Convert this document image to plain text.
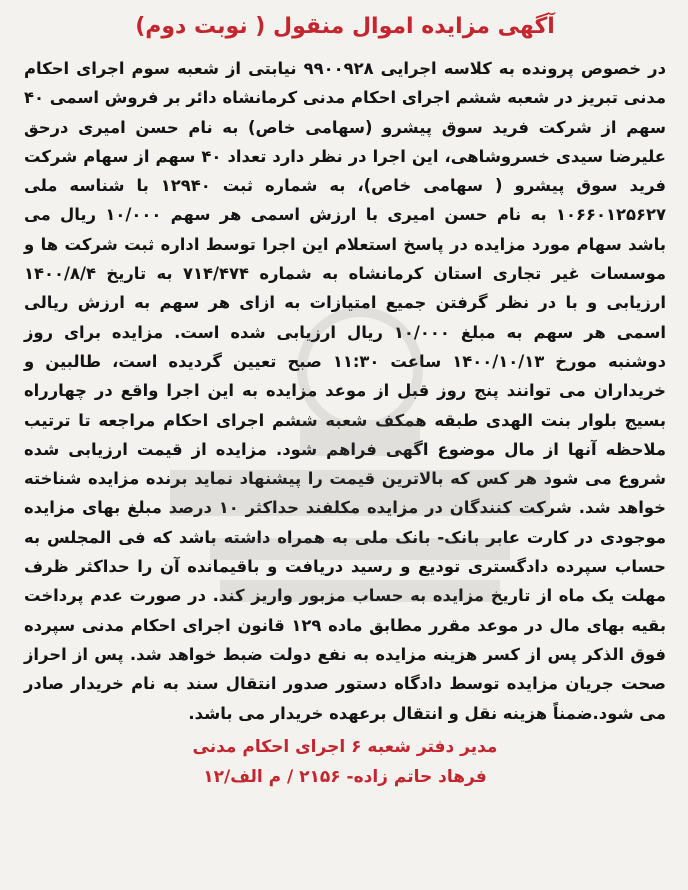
آگهی مزایده اموال منقول ( نوبت دوم)

در خصوص پرونده به کلاسه اجرایی ۹۹۰۰۹۲۸ نیابتی از شعبه سوم اجرای احکام مدنی تبریز در شعبه ششم اجرای احکام مدنی کرمانشاه دائر بر فروش اسمی ۴۰ سهم از شرکت فرید سوق پیشرو (سهامی خاص) به نام حسن امیری درحق علیرضا سیدی خسروشاهی، این اجرا در نظر دارد تعداد ۴۰ سهم از سهام شرکت فرید سوق پیشرو ( سهامی خاص)، به شماره ثبت ۱۲۹۴۰ با شناسه ملی ۱۰۶۶۰۱۲۵۶۲۷ به نام حسن امیری با ارزش اسمی هر سهم ۱۰/۰۰۰ ریال می باشد سهام مورد مزایده در پاسخ استعلام این اجرا توسط اداره ثبت شرکت ها و موسسات غیر تجاری استان کرمانشاه به شماره ۷۱۴/۴۷۴ به تاریخ ۱۴۰۰/۸/۴ ارزیابی و با در نظر گرفتن جمیع امتیازات به ازای هر سهم به ارزش ریالی اسمی هر سهم به مبلغ ۱۰/۰۰۰ ریال ارزیابی شده است. مزایده برای روز دوشنبه مورخ ۱۴۰۰/۱۰/۱۳ ساعت ۱۱:۳۰ صبح تعیین گردیده است، طالبین و خریداران می توانند پنج روز قبل از موعد مزایده به این اجرا واقع در چهارراه بسیج بلوار بنت الهدی طبقه همکف شعبه ششم اجرای احکام مراجعه تا ترتیب ملاحظه آنها از مال موضوع اگهی فراهم شود. مزایده از قیمت ارزیابی شده شروع می شود هر کس که بالاترین قیمت را پیشنهاد نماید برنده مزایده شناخته خواهد شد. شرکت کنندگان در مزایده مکلفند حداکثر ۱۰ درصد مبلغ بهای مزایده موجودی در کارت عابر بانک- بانک ملی به همراه داشته باشد که فی المجلس به حساب سپرده دادگستری تودیع و رسید دریافت و باقیمانده آن را حداکثر ظرف مهلت یک ماه از تاریخ مزایده به حساب مزبور واریز کند. در صورت عدم پرداخت بقیه بهای مال در موعد مقرر مطابق ماده ۱۲۹ قانون اجرای احکام مدنی سپرده فوق الذکر پس از کسر هزینه مزایده به نفع دولت ضبط خواهد شد. پس از احراز صحت جریان مزایده توسط دادگاه دستور صدور انتقال سند به نام خریدار صادر می شود.ضمناً هزینه نقل و انتقال برعهده خریدار می باشد.

مدیر دفتر شعبه ۶ اجرای احکام مدنی
فرهاد حاتم زاده- ۲۱۵۶ / م الف/۱۲
